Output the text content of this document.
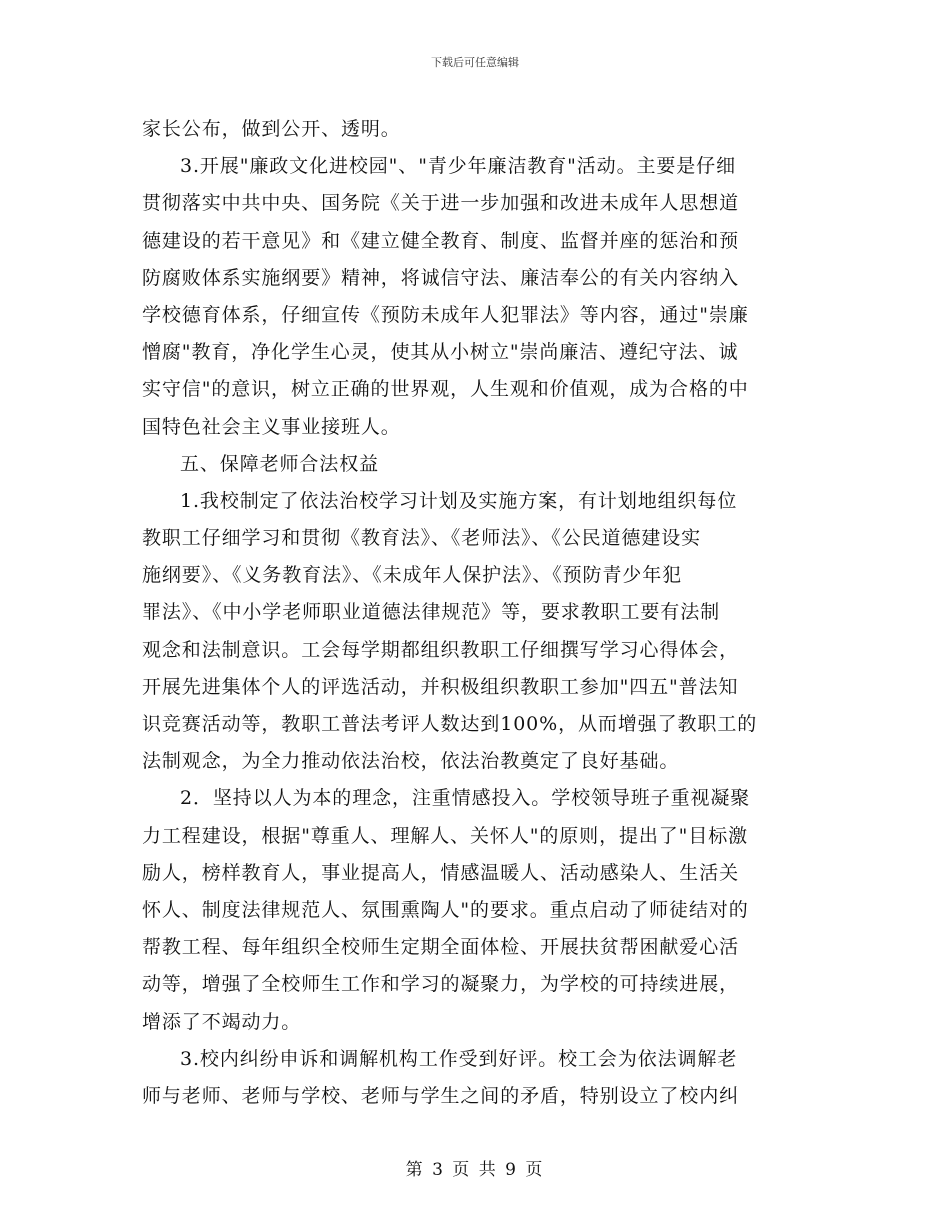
下载后可任意编辑
家长公布，做到公开、透明。
3.开展"廉政文化进校园"、"青少年廉洁教育"活动。主要是仔细
贯彻落实中共中央、国务院《关于进一步加强和改进未成年人思想道
德建设的若干意见》和《建立健全教育、制度、监督并座的惩治和预
防腐败体系实施纲要》精神，将诚信守法、廉洁奉公的有关内容纳入
学校德育体系，仔细宣传《预防未成年人犯罪法》等内容，通过"崇廉
憎腐"教育，净化学生心灵，使其从小树立"崇尚廉洁、遵纪守法、诚
实守信"的意识，树立正确的世界观，人生观和价值观，成为合格的中
国特色社会主义事业接班人。
五、保障老师合法权益
1.我校制定了依法治校学习计划及实施方案，有计划地组织每位
教职工仔细学习和贯彻《教育法》、《老师法》、《公民道德建设实
施纲要》、《义务教育法》、《未成年人保护法》、《预防青少年犯
罪法》、《中小学老师职业道德法律规范》等，要求教职工要有法制
观念和法制意识。工会每学期都组织教职工仔细撰写学习心得体会，
开展先进集体个人的评选活动，并积极组织教职工参加"四五"普法知
识竞赛活动等，教职工普法考评人数达到100%，从而增强了教职工的
法制观念，为全力推动依法治校，依法治教奠定了良好基础。
2．坚持以人为本的理念，注重情感投入。学校领导班子重视凝聚
力工程建设，根据"尊重人、理解人、关怀人"的原则，提出了"目标激
励人，榜样教育人，事业提高人，情感温暖人、活动感染人、生活关
怀人、制度法律规范人、氛围熏陶人"的要求。重点启动了师徒结对的
帮教工程、每年组织全校师生定期全面体检、开展扶贫帮困献爱心活
动等，增强了全校师生工作和学习的凝聚力，为学校的可持续进展，
增添了不竭动力。
3.校内纠纷申诉和调解机构工作受到好评。校工会为依法调解老
师与老师、老师与学校、老师与学生之间的矛盾，特别设立了校内纠
第 3 页 共 9 页
